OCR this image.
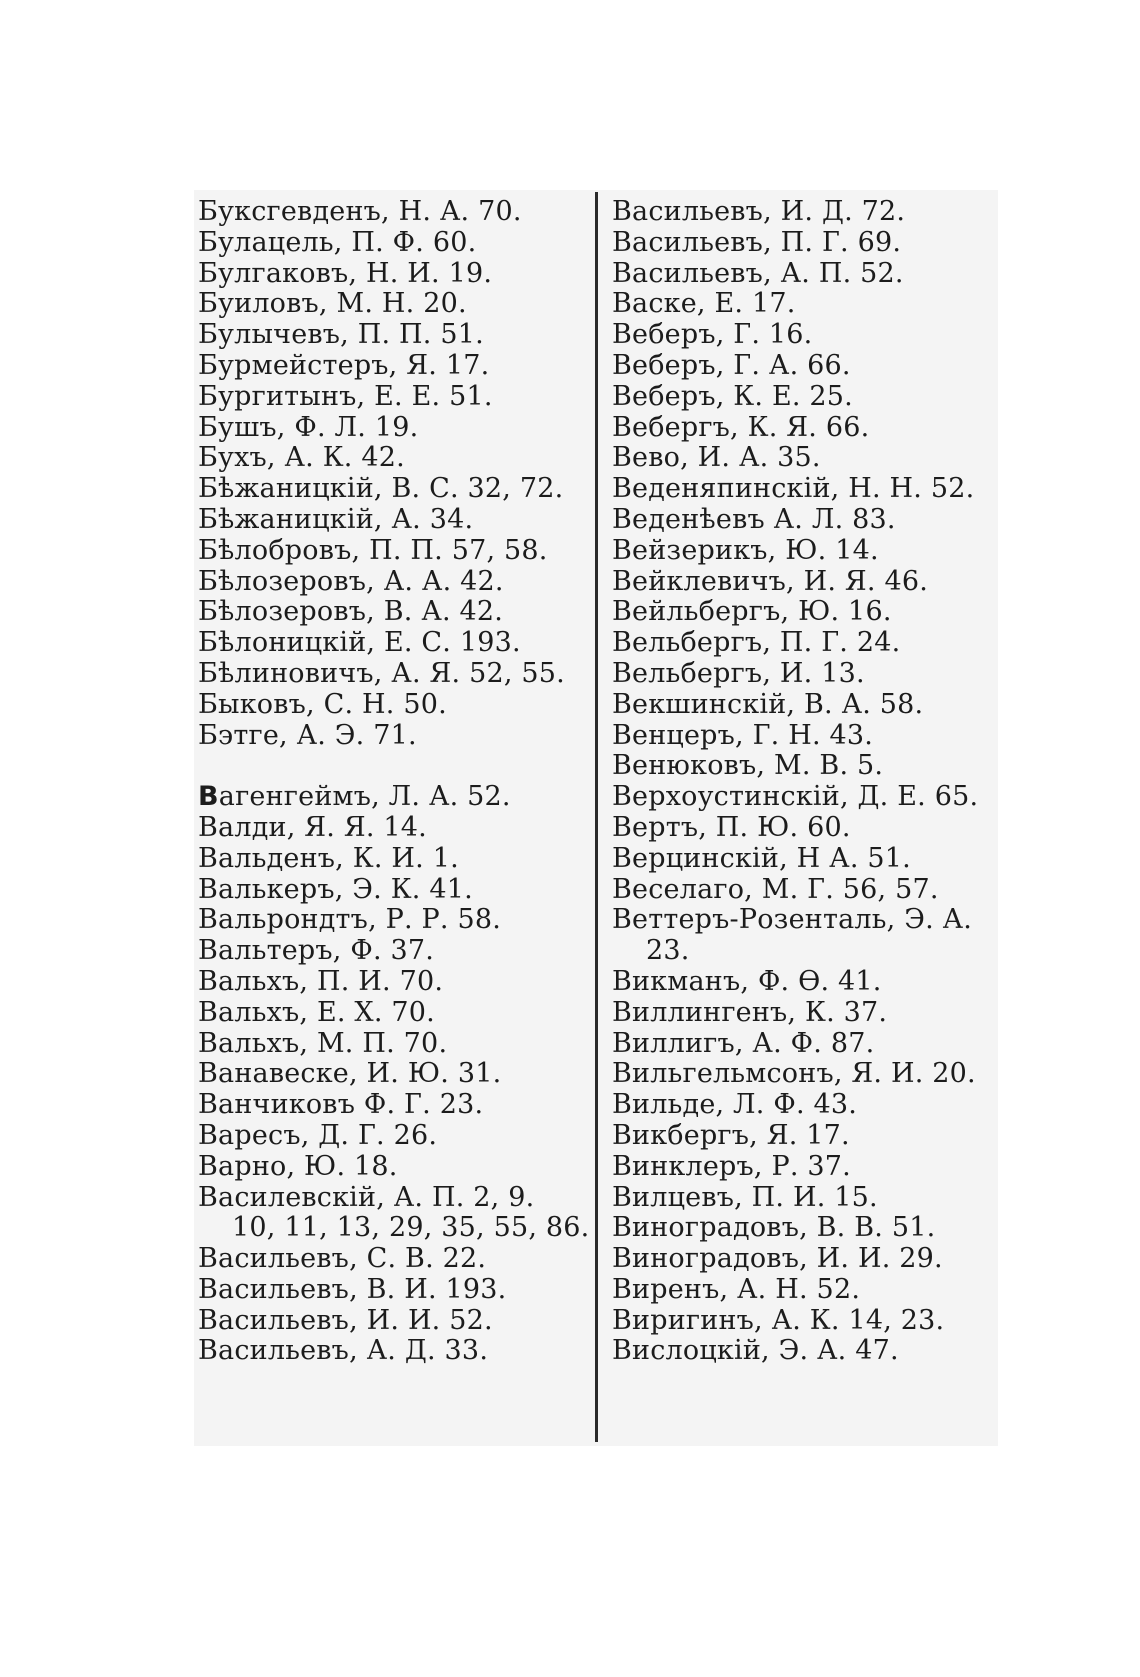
Буксгевденъ, Н. А. 70.
Булацель, П. Ф. 60.
Булгаковъ, Н. И. 19.
Буиловъ, М. Н. 20.
Булычевъ, П. П. 51.
Бурмейстеръ, Я. 17.
Бургитынъ, Е. Е. 51.
Бушъ, Ф. Л. 19.
Буxъ, А. К. 42.
Бѣжаницкій, В. С. 32, 72.
Бѣжаницкій, А. 34.
Бѣлобровъ, П. П. 57, 58.
Бѣлозеровъ, А. А. 42.
Бѣлозеровъ, В. А. 42.
Бѣлоницкій, Е. С. 193.
Бѣлиновичъ, А. Я. 52, 55.
Быковъ, С. Н. 50.
Бэтге, А. Э. 71.
Вагенгеймъ, Л. А. 52.
Валди, Я. Я. 14.
Вальденъ, К. И. 1.
Валькеръ, Э. К. 41.
Вальрондтъ, Р. Р. 58.
Вальтеръ, Ф. 37.
Вальхъ, П. И. 70.
Вальхъ, Е. Х. 70.
Вальхъ, М. П. 70.
Ванавеске, И. Ю. 31.
Ванчиковъ Ф. Г. 23.
Варесъ, Д. Г. 26.
Варно, Ю. 18.
Василевскій, А. П. 2, 9.
10, 11, 13, 29, 35, 55, 86.
Васильевъ, С. В. 22.
Васильевъ, В. И. 193.
Васильевъ, И. И. 52.
Васильевъ, А. Д. 33.
Васильевъ, И. Д. 72.
Васильевъ, П. Г. 69.
Васильевъ, А. П. 52.
Васке, Е. 17.
Веберъ, Г. 16.
Веберъ, Г. А. 66.
Веберъ, К. Е. 25.
Вебергъ, К. Я. 66.
Вево, И. А. 35.
Веденяпинскій, Н. Н. 52.
Веденѣевъ А. Л. 83.
Вейзерикъ, Ю. 14.
Вейклевичъ, И. Я. 46.
Вейльбергъ, Ю. 16.
Вельбергъ, П. Г. 24.
Вельбергъ, И. 13.
Векшинскій, В. А. 58.
Венцеръ, Г. Н. 43.
Венюковъ, М. В. 5.
Верхоустинскій, Д. Е. 65.
Вертъ, П. Ю. 60.
Верцинскій, Н А. 51.
Веселаго, М. Г. 56, 57.
Веттеръ-Розенталь, Э. А.
23.
Викманъ, Ф. Ѳ. 41.
Виллингенъ, К. 37.
Виллигъ, А. Ф. 87.
Вильгельмсонъ, Я. И. 20.
Вильде, Л. Ф. 43.
Викбергъ, Я. 17.
Винклеръ, Р. 37.
Вилцевъ, П. И. 15.
Виноградовъ, В. В. 51.
Виноградовъ, И. И. 29.
Виренъ, А. Н. 52.
Виригинъ, А. К. 14, 23.
Вислоцкій, Э. А. 47.
